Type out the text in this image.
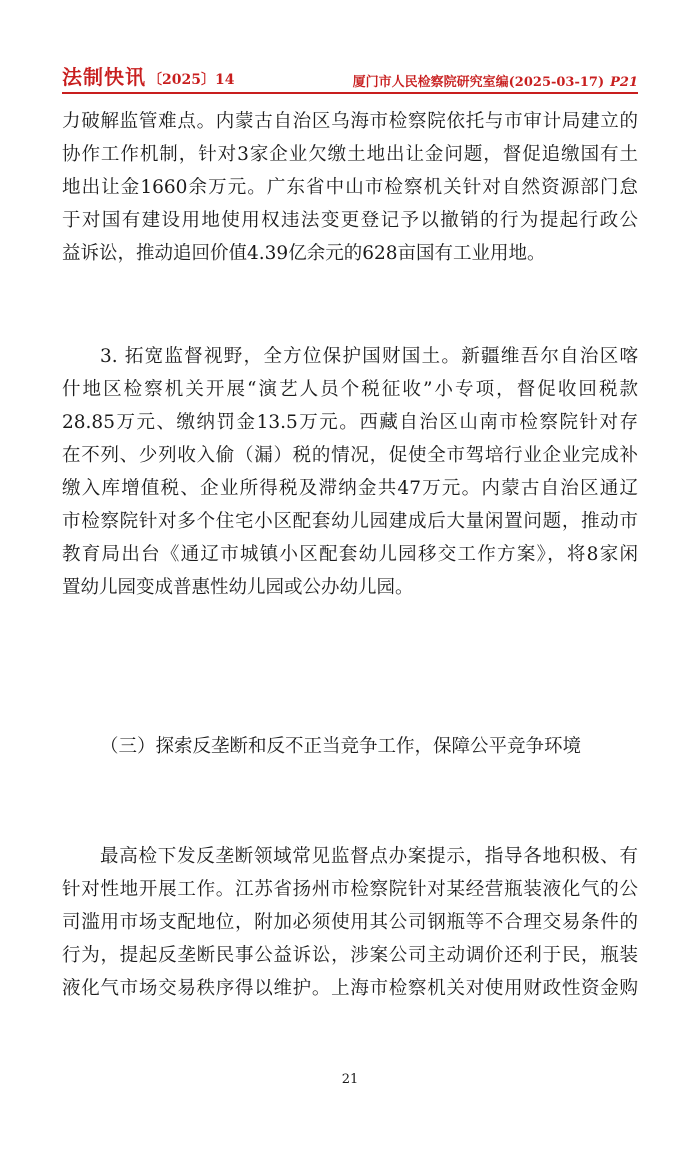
法制快讯 〔2025〕14	厦门市人民检察院研究室编(2025-03-17) P21

力破解监管难点。内蒙古自治区乌海市检察院依托与市审计局建立的
协作工作机制，针对3家企业欠缴土地出让金问题，督促追缴国有土
地出让金1660余万元。广东省中山市检察机关针对自然资源部门怠
于对国有建设用地使用权违法变更登记予以撤销的行为提起行政公
益诉讼，推动追回价值4.39亿余元的628亩国有工业用地。

3. 拓宽监督视野，全方位保护国财国土。新疆维吾尔自治区喀
什地区检察机关开展“演艺人员个税征收”小专项，督促收回税款
28.85万元、缴纳罚金13.5万元。西藏自治区山南市检察院针对存
在不列、少列收入偷（漏）税的情况，促使全市驾培行业企业完成补
缴入库增值税、企业所得税及滞纳金共47万元。内蒙古自治区通辽
市检察院针对多个住宅小区配套幼儿园建成后大量闲置问题，推动市
教育局出台《通辽市城镇小区配套幼儿园移交工作方案》，将8家闲
置幼儿园变成普惠性幼儿园或公办幼儿园。

（三）探索反垄断和反不正当竞争工作，保障公平竞争环境

最高检下发反垄断领域常见监督点办案提示，指导各地积极、有
针对性地开展工作。江苏省扬州市检察院针对某经营瓶装液化气的公
司滥用市场支配地位，附加必须使用其公司钢瓶等不合理交易条件的
行为，提起反垄断民事公益诉讼，涉案公司主动调价还利于民，瓶装
液化气市场交易秩序得以维护。上海市检察机关对使用财政性资金购

21
